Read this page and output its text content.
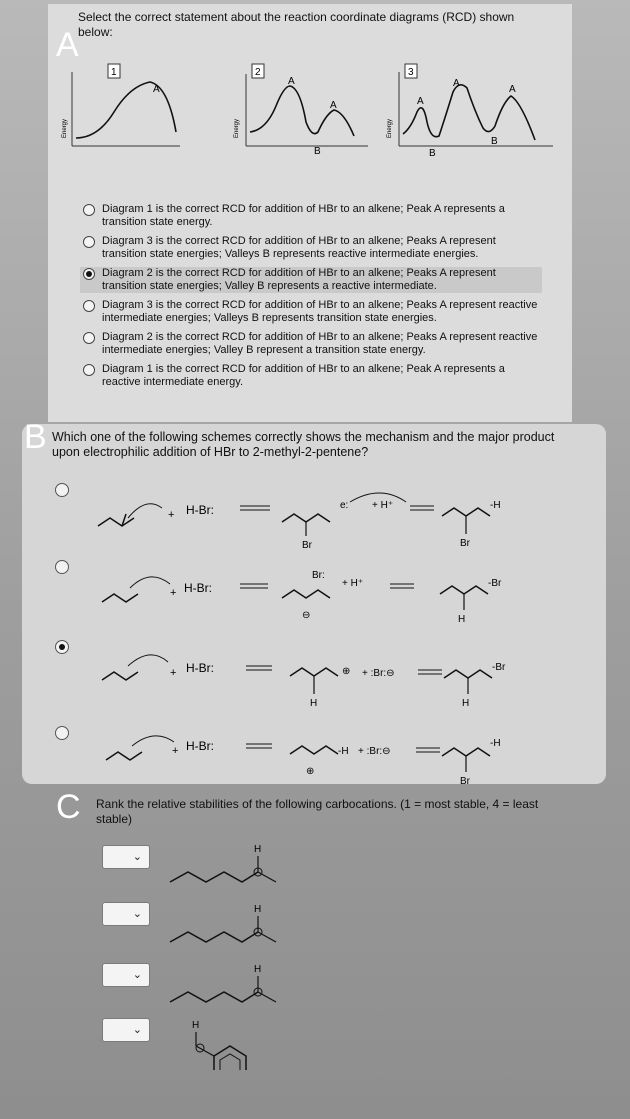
A
Select the correct statement about the reaction coordinate diagrams (RCD) shown below:
1
Energy
A
2
Energy
A
A
B
3
Energy
A
A
A
B
B
Diagram 1 is the correct RCD for addition of HBr to an alkene; Peak A represents a transition state energy.
Diagram 3 is the correct RCD for addition of HBr to an alkene; Peaks A represent transition state energies; Valleys B represents reactive intermediate energies.
Diagram 2 is the correct RCD for addition of HBr to an alkene; Peaks A represent transition state energies; Valley B represents a reactive intermediate.
Diagram 3 is the correct RCD for addition of HBr to an alkene; Peaks A represent reactive intermediate energies; Valleys B represents transition state energies.
Diagram 2 is the correct RCD for addition of HBr to an alkene; Peaks A represent reactive intermediate energies; Valley B represent a transition state energy.
Diagram 1 is the correct RCD for addition of HBr to an alkene; Peak A represents a reactive intermediate energy.
B Which one of the following schemes correctly shows the mechanism and the major product upon electrophilic addition of HBr to 2-methyl-2-pentene?
+ H-Br:
Br
e: + H⁺	-H
Br
+ H-Br:
⊖
Br:
+ H⁺	-Br
H
+ H-Br:
H
⊕ + :Br:⊖
-Br
H
+ H-Br:
⊕
-H + :Br:⊖
-H
Br
C Rank the relative stabilities of the following carbocations. (1 = most stable, 4 = least stable)
⌄
H
⌄	H
⌄	H
⌄	H
